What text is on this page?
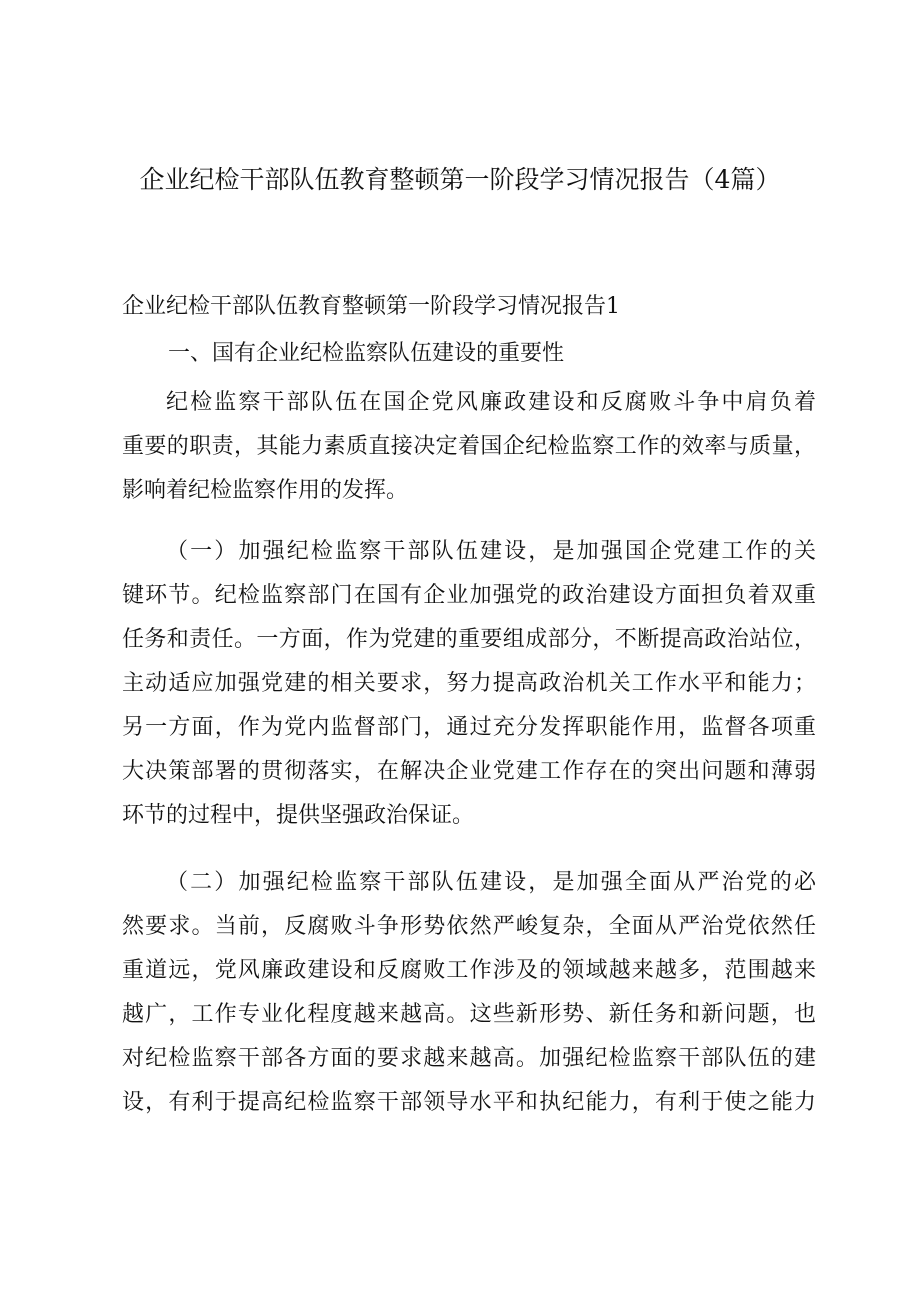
企业纪检干部队伍教育整顿第一阶段学习情况报告（4篇）
企业纪检干部队伍教育整顿第一阶段学习情况报告1
一、国有企业纪检监察队伍建设的重要性
纪检监察干部队伍在国企党风廉政建设和反腐败斗争中肩负着
重要的职责，其能力素质直接决定着国企纪检监察工作的效率与质量，
影响着纪检监察作用的发挥。
（一）加强纪检监察干部队伍建设，是加强国企党建工作的关
键环节。纪检监察部门在国有企业加强党的政治建设方面担负着双重
任务和责任。一方面，作为党建的重要组成部分，不断提高政治站位，
主动适应加强党建的相关要求，努力提高政治机关工作水平和能力；
另一方面，作为党内监督部门，通过充分发挥职能作用，监督各项重
大决策部署的贯彻落实，在解决企业党建工作存在的突出问题和薄弱
环节的过程中，提供坚强政治保证。
（二）加强纪检监察干部队伍建设，是加强全面从严治党的必
然要求。当前，反腐败斗争形势依然严峻复杂，全面从严治党依然任
重道远，党风廉政建设和反腐败工作涉及的领域越来越多，范围越来
越广，工作专业化程度越来越高。这些新形势、新任务和新问题，也
对纪检监察干部各方面的要求越来越高。加强纪检监察干部队伍的建
设，有利于提高纪检监察干部领导水平和执纪能力，有利于使之能力
